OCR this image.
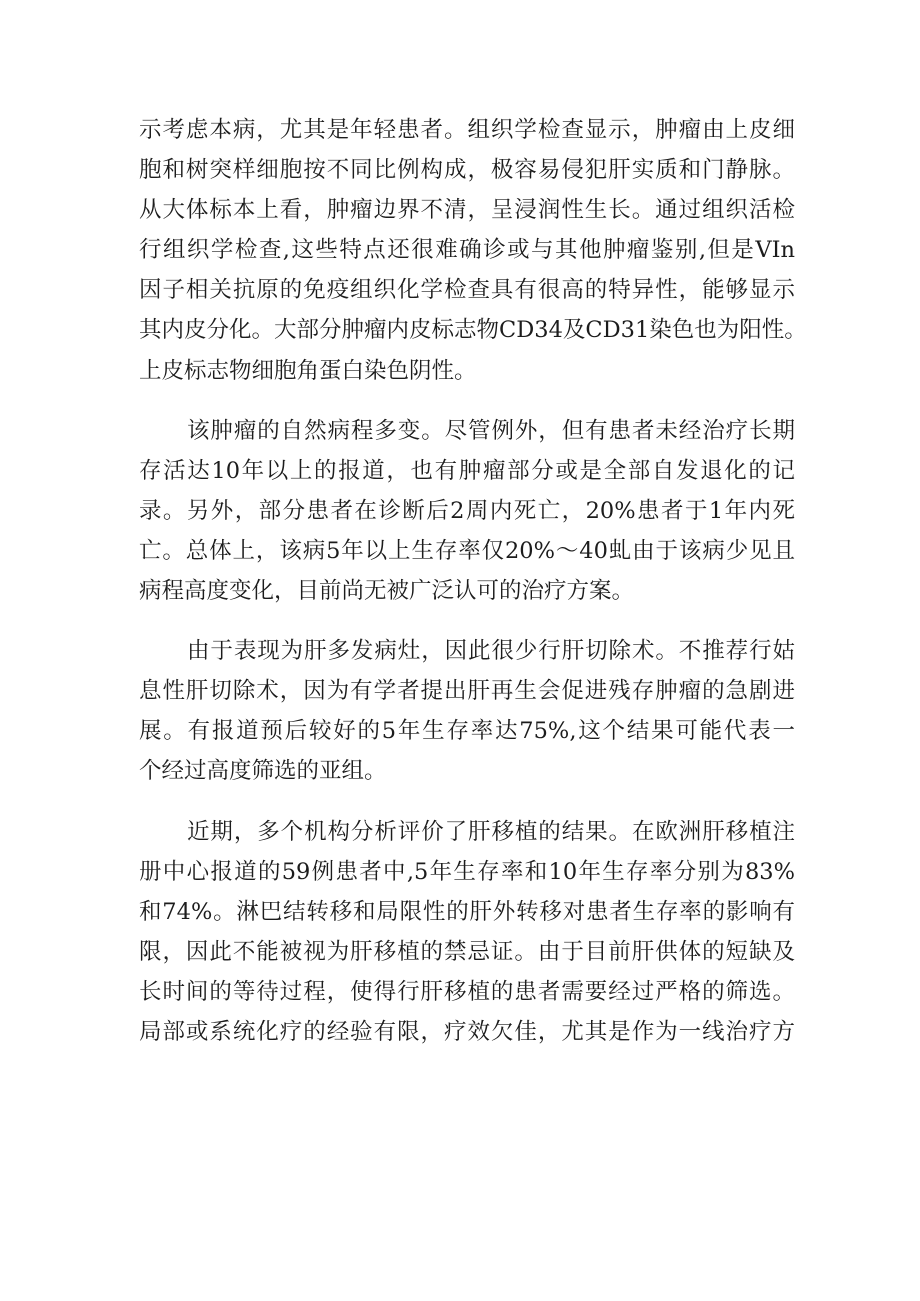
示考虑本病，尤其是年轻患者。组织学检查显示，肿瘤由上皮细
胞和树突样细胞按不同比例构成，极容易侵犯肝实质和门静脉。
从大体标本上看，肿瘤边界不清，呈浸润性生长。通过组织活检
行组织学检查,这些特点还很难确诊或与其他肿瘤鉴别,但是VIn
因子相关抗原的免疫组织化学检查具有很高的特异性，能够显示
其内皮分化。大部分肿瘤内皮标志物CD34及CD31染色也为阳性。
上皮标志物细胞角蛋白染色阴性。
该肿瘤的自然病程多变。尽管例外，但有患者未经治疗长期
存活达10年以上的报道，也有肿瘤部分或是全部自发退化的记
录。另外，部分患者在诊断后2周内死亡，20%患者于1年内死
亡。总体上，该病5年以上生存率仅20%～40虬由于该病少见且
病程高度变化，目前尚无被广泛认可的治疗方案。
由于表现为肝多发病灶，因此很少行肝切除术。不推荐行姑
息性肝切除术，因为有学者提出肝再生会促进残存肿瘤的急剧进
展。有报道预后较好的5年生存率达75%,这个结果可能代表一
个经过高度筛选的亚组。
近期，多个机构分析评价了肝移植的结果。在欧洲肝移植注
册中心报道的59例患者中,5年生存率和10年生存率分别为83%
和74%。淋巴结转移和局限性的肝外转移对患者生存率的影响有
限，因此不能被视为肝移植的禁忌证。由于目前肝供体的短缺及
长时间的等待过程，使得行肝移植的患者需要经过严格的筛选。
局部或系统化疗的经验有限，疗效欠佳，尤其是作为一线治疗方
